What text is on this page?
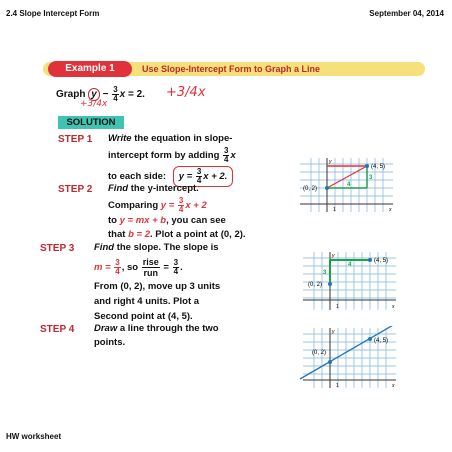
2.4 Slope Intercept Form	September 04, 2014
Example 1	Use Slope-Intercept Form to Graph a Line
Graph $y - \frac{3}{4}$ x = 2. +3/4x
+3/4x
SOLUTION
STEP 1 Write the equation in slope-
intercept form by adding $\frac{3}{4}$ x
to each side: $y = \frac{3}{4}$ x + 2.
STEP 2 Find the y-intercept.
Comparing $y = \frac{3}{4}$ x + 2
to y = mx + b, you can see
that b = 2. Plot a point at (0, 2).
STEP 3 Find the slope. The slope is
$m = \frac{3}{4}$ , so $\frac{\text{rise}}{\text{run}} = \frac{3}{4}$ .
From (0, 2), move up 3 units
and right 4 units. Plot a
Second point at (4, 5).
STEP 4 Draw a line through the two
points.
(0, 2)
(4, 5)
4
3
y
x
1
(0, 2)
(4, 5)
4
3
y
x
1
(0, 2)
(4, 5)
y
x
1
HW worksheet
